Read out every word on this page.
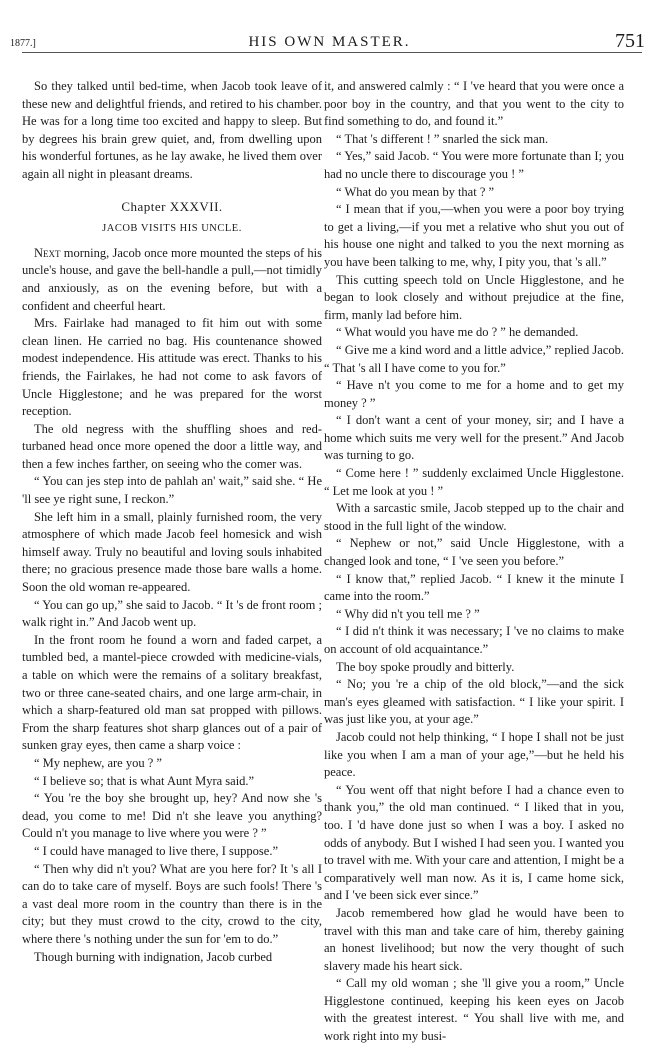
1877.]	HIS OWN MASTER.	751

So they talked until bed-time, when Jacob took leave of these new and delightful friends, and retired to his chamber. He was for a long time too excited and happy to sleep. But by degrees his brain grew quiet, and, from dwelling upon his wonderful fortunes, as he lay awake, he lived them over again all night in pleasant dreams.

Chapter XXXVII.
JACOB VISITS HIS UNCLE.

Next morning, Jacob once more mounted the steps of his uncle's house, and gave the bell-handle a pull,—not timidly and anxiously, as on the evening before, but with a confident and cheerful heart.

Mrs. Fairlake had managed to fit him out with some clean linen. He carried no bag. His countenance showed modest independence. His attitude was erect. Thanks to his friends, the Fairlakes, he had not come to ask favors of Uncle Higglestone; and he was prepared for the worst reception.

The old negress with the shuffling shoes and red-turbaned head once more opened the door a little way, and then a few inches farther, on seeing who the comer was.

“ You can jes step into de pahlah an' wait,” said she. “ He 'll see ye right sune, I reckon.”

She left him in a small, plainly furnished room, the very atmosphere of which made Jacob feel homesick and wish himself away. Truly no beautiful and loving souls inhabited there; no gracious presence made those bare walls a home. Soon the old woman re-appeared.

“ You can go up,” she said to Jacob. “ It 's de front room ; walk right in.” And Jacob went up.

In the front room he found a worn and faded carpet, a tumbled bed, a mantel-piece crowded with medicine-vials, a table on which were the remains of a solitary breakfast, two or three cane-seated chairs, and one large arm-chair, in which a sharp-featured old man sat propped with pillows. From the sharp features shot sharp glances out of a pair of sunken gray eyes, then came a sharp voice :

“ My nephew, are you ? ”

“ I believe so; that is what Aunt Myra said.”

“ You 're the boy she brought up, hey? And now she 's dead, you come to me! Did n't she leave you anything? Could n't you manage to live where you were ? ”

“ I could have managed to live there, I suppose.”

“ Then why did n't you? What are you here for? It 's all I can do to take care of myself. Boys are such fools! There 's a vast deal more room in the country than there is in the city; but they must crowd to the city, crowd to the city, where there 's nothing under the sun for 'em to do.”

Though burning with indignation, Jacob curbed

it, and answered calmly : “ I 've heard that you were once a poor boy in the country, and that you went to the city to find something to do, and found it.”

“ That 's different ! ” snarled the sick man.

“ Yes,” said Jacob. “ You were more fortunate than I; you had no uncle there to discourage you ! ”

“ What do you mean by that ? ”

“ I mean that if you,—when you were a poor boy trying to get a living,—if you met a relative who shut you out of his house one night and talked to you the next morning as you have been talking to me, why, I pity you, that 's all.”

This cutting speech told on Uncle Higglestone, and he began to look closely and without prejudice at the fine, firm, manly lad before him.

“ What would you have me do ? ” he demanded.

“ Give me a kind word and a little advice,” replied Jacob. “ That 's all I have come to you for.”

“ Have n't you come to me for a home and to get my money ? ”

“ I don't want a cent of your money, sir; and I have a home which suits me very well for the present.” And Jacob was turning to go.

“ Come here ! ” suddenly exclaimed Uncle Higglestone. “ Let me look at you ! ”

With a sarcastic smile, Jacob stepped up to the chair and stood in the full light of the window.

“ Nephew or not,” said Uncle Higglestone, with a changed look and tone, “ I 've seen you before.”

“ I know that,” replied Jacob. “ I knew it the minute I came into the room.”

“ Why did n't you tell me ? ”

“ I did n't think it was necessary; I 've no claims to make on account of old acquaintance.”

The boy spoke proudly and bitterly.

“ No; you 're a chip of the old block,”—and the sick man's eyes gleamed with satisfaction. “ I like your spirit. I was just like you, at your age.”

Jacob could not help thinking, “ I hope I shall not be just like you when I am a man of your age,”—but he held his peace.

“ You went off that night before I had a chance even to thank you,” the old man continued. “ I liked that in you, too. I 'd have done just so when I was a boy. I asked no odds of anybody. But I wished I had seen you. I wanted you to travel with me. With your care and attention, I might be a comparatively well man now. As it is, I came home sick, and I 've been sick ever since.”

Jacob remembered how glad he would have been to travel with this man and take care of him, thereby gaining an honest livelihood; but now the very thought of such slavery made his heart sick.

“ Call my old woman ; she 'll give you a room,” Uncle Higglestone continued, keeping his keen eyes on Jacob with the greatest interest. “ You shall live with me, and work right into my busi-
